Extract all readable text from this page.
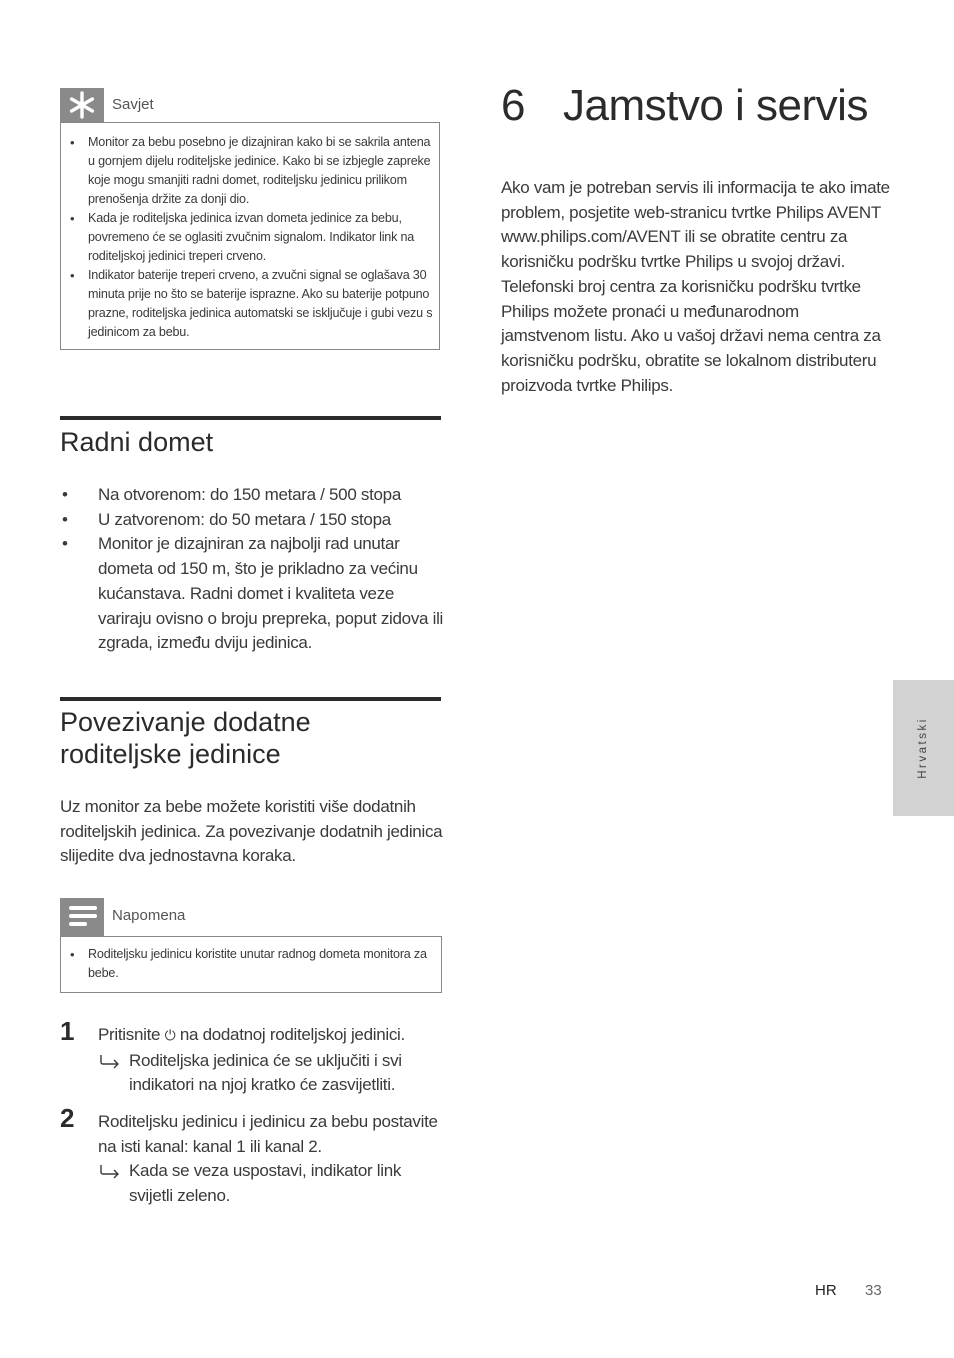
Savjet
• Monitor za bebu posebno je dizajniran kako bi se sakrila antena u gornjem dijelu roditeljske jedinice. Kako bi se izbjegle zapreke koje mogu smanjiti radni domet, roditeljsku jedinicu prilikom prenošenja držite za donji dio.
• Kada je roditeljska jedinica izvan dometa jedinice za bebu, povremeno će se oglasiti zvučnim signalom. Indikator link na roditeljskoj jedinici treperi crveno.
• Indikator baterije treperi crveno, a zvučni signal se oglašava 30 minuta prije no što se baterije isprazne. Ako su baterije potpuno prazne, roditeljska jedinica automatski se isključuje i gubi vezu s jedinicom za bebu.
Radni domet
• Na otvorenom: do 150 metara / 500 stopa
• U zatvorenom: do 50 metara / 150 stopa
• Monitor je dizajniran za najbolji rad unutar dometa od 150 m, što je prikladno za većinu kućanstava. Radni domet i kvaliteta veze variraju ovisno o broju prepreka, poput zidova ili zgrada, između dviju jedinica.
Povezivanje dodatne
roditeljske jedinice

Uz monitor za bebe možete koristiti više dodatnih roditeljskih jedinica. Za povezivanje dodatnih jedinica slijedite dva jednostavna koraka.

Napomena
• Roditeljsku jedinicu koristite unutar radnog dometa monitora za bebe.
1 Pritisnite ⏻ na dodatnoj roditeljskoj jedinici.

Roditeljska jedinica će se uključiti i svi indikatori na njoj kratko će zasvijetliti.
2 Roditeljsku jedinicu i jedinicu za bebu postavite na isti kanal: kanal 1 ili kanal 2.

Kada se veza uspostavi, indikator link svijetli zeleno.
6 Jamstvo i servis

Ako vam je potreban servis ili informacija te ako imate problem, posjetite web-stranicu tvrtke Philips AVENT www.philips.com/AVENT ili se obratite centru za korisničku podršku tvrtke Philips u svojoj državi. Telefonski broj centra za korisničku podršku tvrtke Philips možete pronaći u međunarodnom jamstvenom listu. Ako u vašoj državi nema centra za korisničku podršku, obratite se lokalnom distributeru proizvoda tvrtke Philips.

Hrvatski
HR 33
